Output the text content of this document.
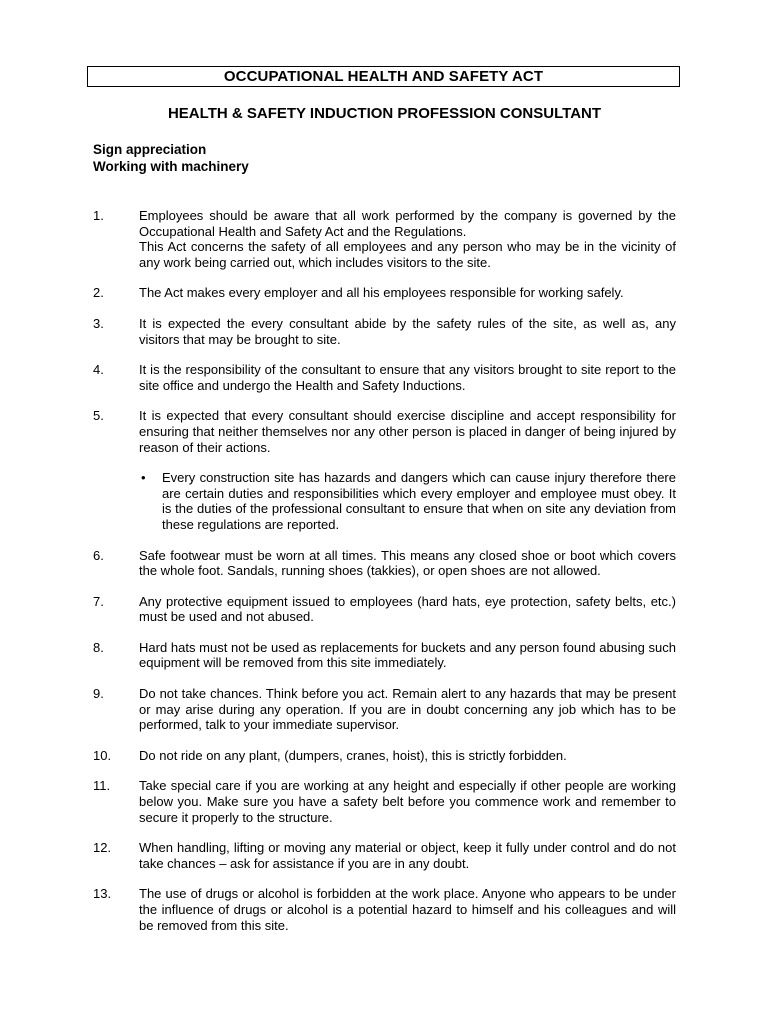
OCCUPATIONAL HEALTH AND SAFETY ACT
HEALTH & SAFETY INDUCTION PROFESSION CONSULTANT
Sign appreciation
Working with machinery
1.	Employees should be aware that all work performed by the company is governed by the Occupational Health and Safety Act and the Regulations.

This Act concerns the safety of all employees and any person who may be in the vicinity of any work being carried out, which includes visitors to the site.

2.	The Act makes every employer and all his employees responsible for working safely.

3.	It is expected the every consultant abide by the safety rules of the site, as well as, any visitors that may be brought to site.

4.	It is the responsibility of the consultant to ensure that any visitors brought to site report to the site office and undergo the Health and Safety Inductions.

5.	It is expected that every consultant should exercise discipline and accept responsibility for ensuring that neither themselves nor any other person is placed in danger of being injured by reason of their actions.

•	Every construction site has hazards and dangers which can cause injury therefore there are certain duties and responsibilities which every employer and employee must obey. It is the duties of the professional consultant to ensure that when on site any deviation from these regulations are reported.
6.	Safe footwear must be worn at all times. This means any closed shoe or boot which covers the whole foot. Sandals, running shoes (takkies), or open shoes are not allowed.

7.	Any protective equipment issued to employees (hard hats, eye protection, safety belts, etc.) must be used and not abused.

8.	Hard hats must not be used as replacements for buckets and any person found abusing such equipment will be removed from this site immediately.

9.	Do not take chances. Think before you act. Remain alert to any hazards that may be present or may arise during any operation. If you are in doubt concerning any job which has to be performed, talk to your immediate supervisor.

10.	Do not ride on any plant, (dumpers, cranes, hoist), this is strictly forbidden.

11.	Take special care if you are working at any height and especially if other people are working below you. Make sure you have a safety belt before you commence work and remember to secure it properly to the structure.

12.	When handling, lifting or moving any material or object, keep it fully under control and do not take chances – ask for assistance if you are in any doubt.

13.	The use of drugs or alcohol is forbidden at the work place. Anyone who appears to be under the influence of drugs or alcohol is a potential hazard to himself and his colleagues and will be removed from this site.
